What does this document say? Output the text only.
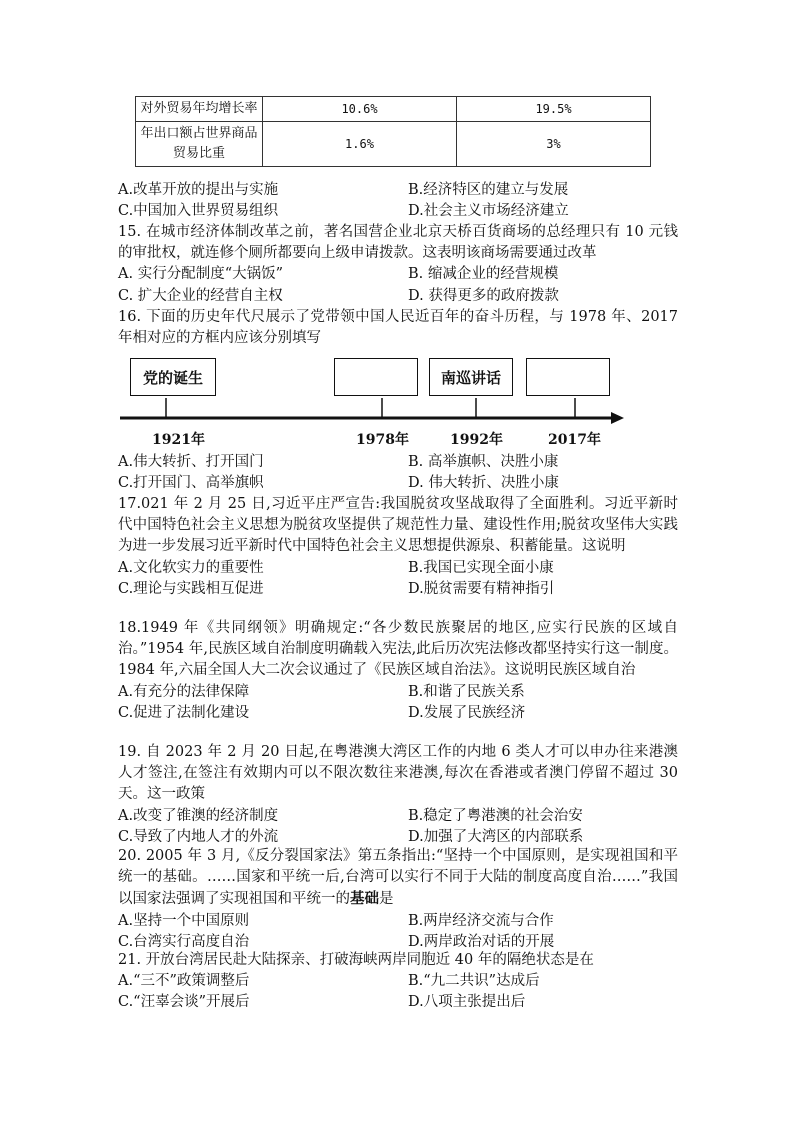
对外贸易年均增长率	10.6%	19.5%
年出口额占世界商品贸易比重	1.6%	3%
A.改革开放的提出与实施	B.经济特区的建立与发展
C.中国加入世界贸易组织	D.社会主义市场经济建立
15. 在城市经济体制改革之前，著名国营企业北京天桥百货商场的总经理只有 10 元钱的审批权，就连修个厕所都要向上级申请拨款。这表明该商场需要通过改革
A. 实行分配制度“大锅饭”	B. 缩减企业的经营规模
C. 扩大企业的经营自主权	D. 获得更多的政府拨款
16. 下面的历史年代尺展示了党带领中国人民近百年的奋斗历程，与 1978 年、2017 年相对应的方框内应该分别填写
党的诞生	南巡讲话
1921年	1978年	1992年	2017年
A.伟大转折、打开国门	B. 高举旗帜、决胜小康
C.打开国门、高举旗帜	D. 伟大转折、决胜小康
17.021 年 2 月 25 日,习近平庄严宣告:我国脱贫攻坚战取得了全面胜利。习近平新时代中国特色社会主义思想为脱贫攻坚提供了规范性力量、建设性作用;脱贫攻坚伟大实践为进一步发展习近平新时代中国特色社会主义思想提供源泉、积蓄能量。这说明
A.文化软实力的重要性	B.我国已实现全面小康
C.理论与实践相互促进	D.脱贫需要有精神指引
18.1949 年《共同纲领》明确规定:“各少数民族聚居的地区,应实行民族的区域自治。”1954 年,民族区域自治制度明确载入宪法,此后历次宪法修改都坚持实行这一制度。1984 年,六届全国人大二次会议通过了《民族区域自治法》。这说明民族区域自治
A.有充分的法律保障	B.和谐了民族关系
C.促进了法制化建设	D.发展了民族经济
19. 自 2023 年 2 月 20 日起,在粤港澳大湾区工作的内地 6 类人才可以申办往来港澳人才签注,在签注有效期内可以不限次数往来港澳,每次在香港或者澳门停留不超过 30 天。这一政策
A.改变了锥澳的经济制度	B.稳定了粤港澳的社会治安
C.导致了内地人才的外流	D.加强了大湾区的内部联系
20. 2005 年 3 月,《反分裂国家法》第五条指出:“坚持一个中国原则，是实现祖国和平统一的基础。……国家和平统一后,台湾可以实行不同于大陆的制度高度自治……”我国以国家法强调了实现祖国和平统一的基础是
A.坚持一个中国原则	B.两岸经济交流与合作
C.台湾实行高度自治	D.两岸政治对话的开展
21. 开放台湾居民赴大陆探亲、打破海峡两岸同胞近 40 年的隔绝状态是在
A.“三不”政策调整后	B.“九二共识”达成后
C.“汪辜会谈”开展后	D.八项主张提出后
